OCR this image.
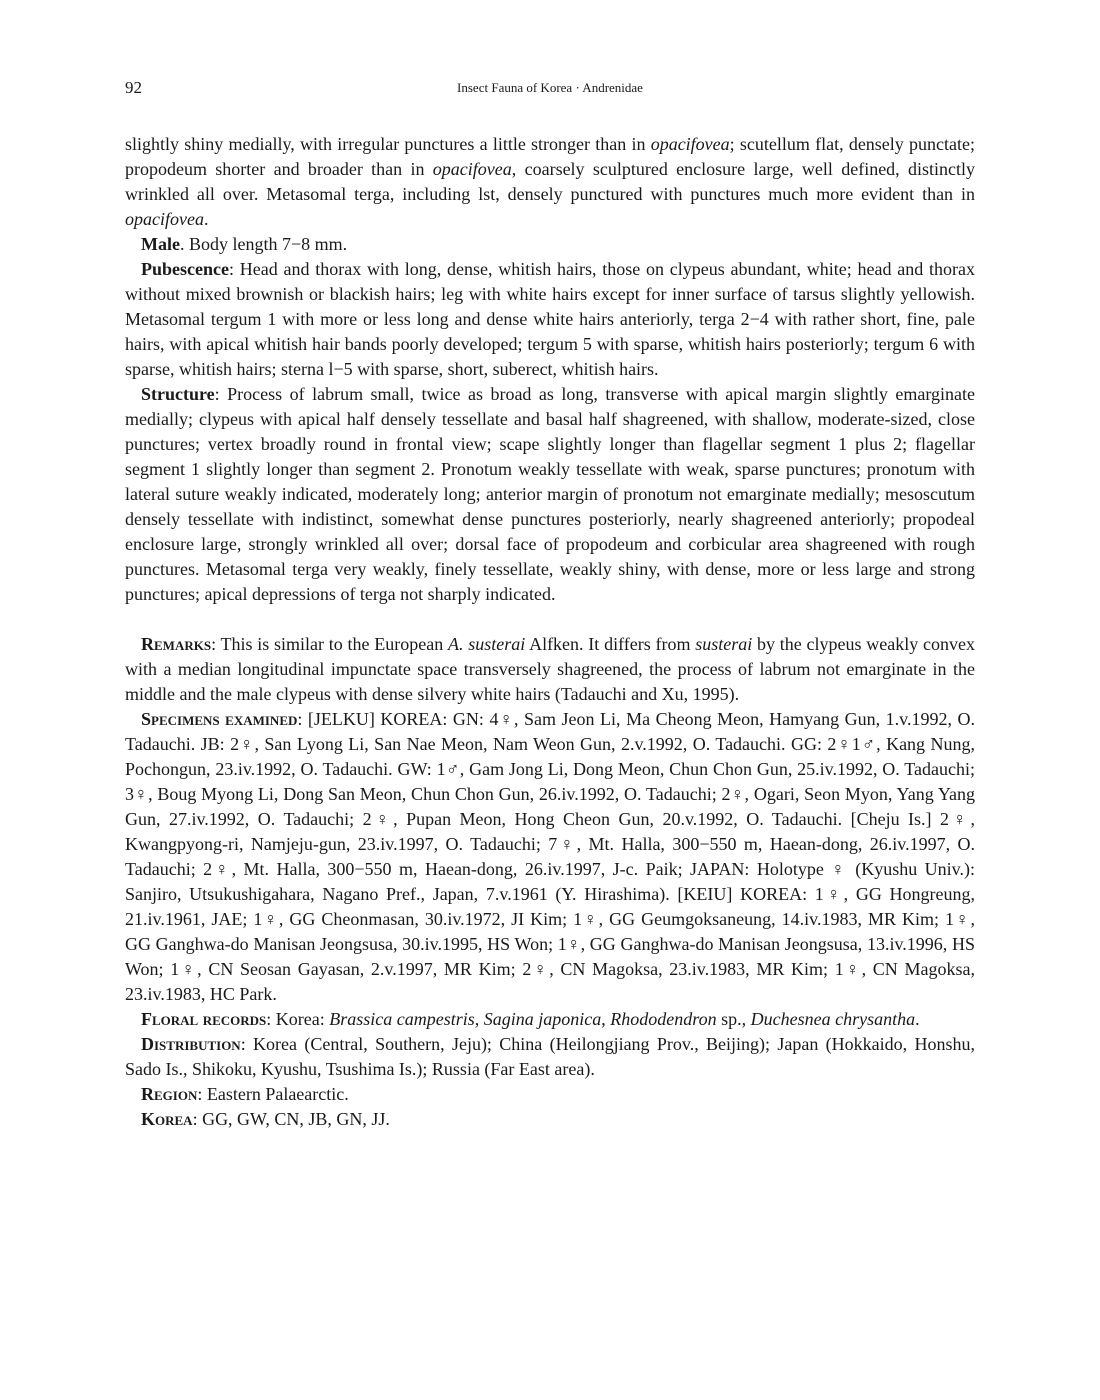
92	Insect Fauna of Korea · Andrenidae

slightly shiny medially, with irregular punctures a little stronger than in opacifovea; scutellum flat, densely punctate; propodeum shorter and broader than in opacifovea, coarsely sculptured enclosure large, well defined, distinctly wrinkled all over. Metasomal terga, including lst, densely punctured with punctures much more evident than in opacifovea.

Male. Body length 7−8 mm.

Pubescence: Head and thorax with long, dense, whitish hairs, those on clypeus abundant, white; head and thorax without mixed brownish or blackish hairs; leg with white hairs except for inner surface of tarsus slightly yellowish. Metasomal tergum 1 with more or less long and dense white hairs anteriorly, terga 2−4 with rather short, fine, pale hairs, with apical whitish hair bands poorly developed; tergum 5 with sparse, whitish hairs posteriorly; tergum 6 with sparse, whitish hairs; sterna l−5 with sparse, short, suberect, whitish hairs.

Structure: Process of labrum small, twice as broad as long, transverse with apical margin slightly emarginate medially; clypeus with apical half densely tessellate and basal half shagreened, with shallow, moderate-sized, close punctures; vertex broadly round in frontal view; scape slightly longer than flagellar segment 1 plus 2; flagellar segment 1 slightly longer than segment 2. Pronotum weakly tessellate with weak, sparse punctures; pronotum with lateral suture weakly indicated, moderately long; anterior margin of pronotum not emarginate medially; mesoscutum densely tessellate with indistinct, somewhat dense punctures posteriorly, nearly shagreened anteriorly; propodeal enclosure large, strongly wrinkled all over; dorsal face of propodeum and corbicular area shagreened with rough punctures. Metasomal terga very weakly, finely tessellate, weakly shiny, with dense, more or less large and strong punctures; apical depressions of terga not sharply indicated.

Remarks: This is similar to the European A. susterai Alfken. It differs from susterai by the clypeus weakly convex with a median longitudinal impunctate space transversely shagreened, the process of labrum not emarginate in the middle and the male clypeus with dense silvery white hairs (Tadauchi and Xu, 1995).

Specimens examined: [JELKU] KOREA: GN: 4♀, Sam Jeon Li, Ma Cheong Meon, Hamyang Gun, 1.v.1992, O. Tadauchi. JB: 2♀, San Lyong Li, San Nae Meon, Nam Weon Gun, 2.v.1992, O. Tadauchi. GG: 2♀1♂, Kang Nung, Pochongun, 23.iv.1992, O. Tadauchi. GW: 1♂, Gam Jong Li, Dong Meon, Chun Chon Gun, 25.iv.1992, O. Tadauchi; 3♀, Boug Myong Li, Dong San Meon, Chun Chon Gun, 26.iv.1992, O. Tadauchi; 2♀, Ogari, Seon Myon, Yang Yang Gun, 27.iv.1992, O. Tadauchi; 2♀, Pupan Meon, Hong Cheon Gun, 20.v.1992, O. Tadauchi. [Cheju Is.] 2♀, Kwangpyong-ri, Namjeju-gun, 23.iv.1997, O. Tadauchi; 7♀, Mt. Halla, 300−550 m, Haean-dong, 26.iv.1997, O. Tadauchi; 2♀, Mt. Halla, 300−550 m, Haean-dong, 26.iv.1997, J-c. Paik; JAPAN: Holotype ♀ (Kyushu Univ.): Sanjiro, Utsukushigahara, Nagano Pref., Japan, 7.v.1961 (Y. Hirashima). [KEIU] KOREA: 1♀, GG Hongreung, 21.iv.1961, JAE; 1♀, GG Cheonmasan, 30.iv.1972, JI Kim; 1♀, GG Geumgoksaneung, 14.iv.1983, MR Kim; 1♀, GG Ganghwa-do Manisan Jeongsusa, 30.iv.1995, HS Won; 1♀, GG Ganghwa-do Manisan Jeongsusa, 13.iv.1996, HS Won; 1♀, CN Seosan Gayasan, 2.v.1997, MR Kim; 2♀, CN Magoksa, 23.iv.1983, MR Kim; 1♀, CN Magoksa, 23.iv.1983, HC Park.

Floral records: Korea: Brassica campestris, Sagina japonica, Rhododendron sp., Duchesnea chrysantha.

Distribution: Korea (Central, Southern, Jeju); China (Heilongjiang Prov., Beijing); Japan (Hokkaido, Honshu, Sado Is., Shikoku, Kyushu, Tsushima Is.); Russia (Far East area).

Region: Eastern Palaearctic.

Korea: GG, GW, CN, JB, GN, JJ.
